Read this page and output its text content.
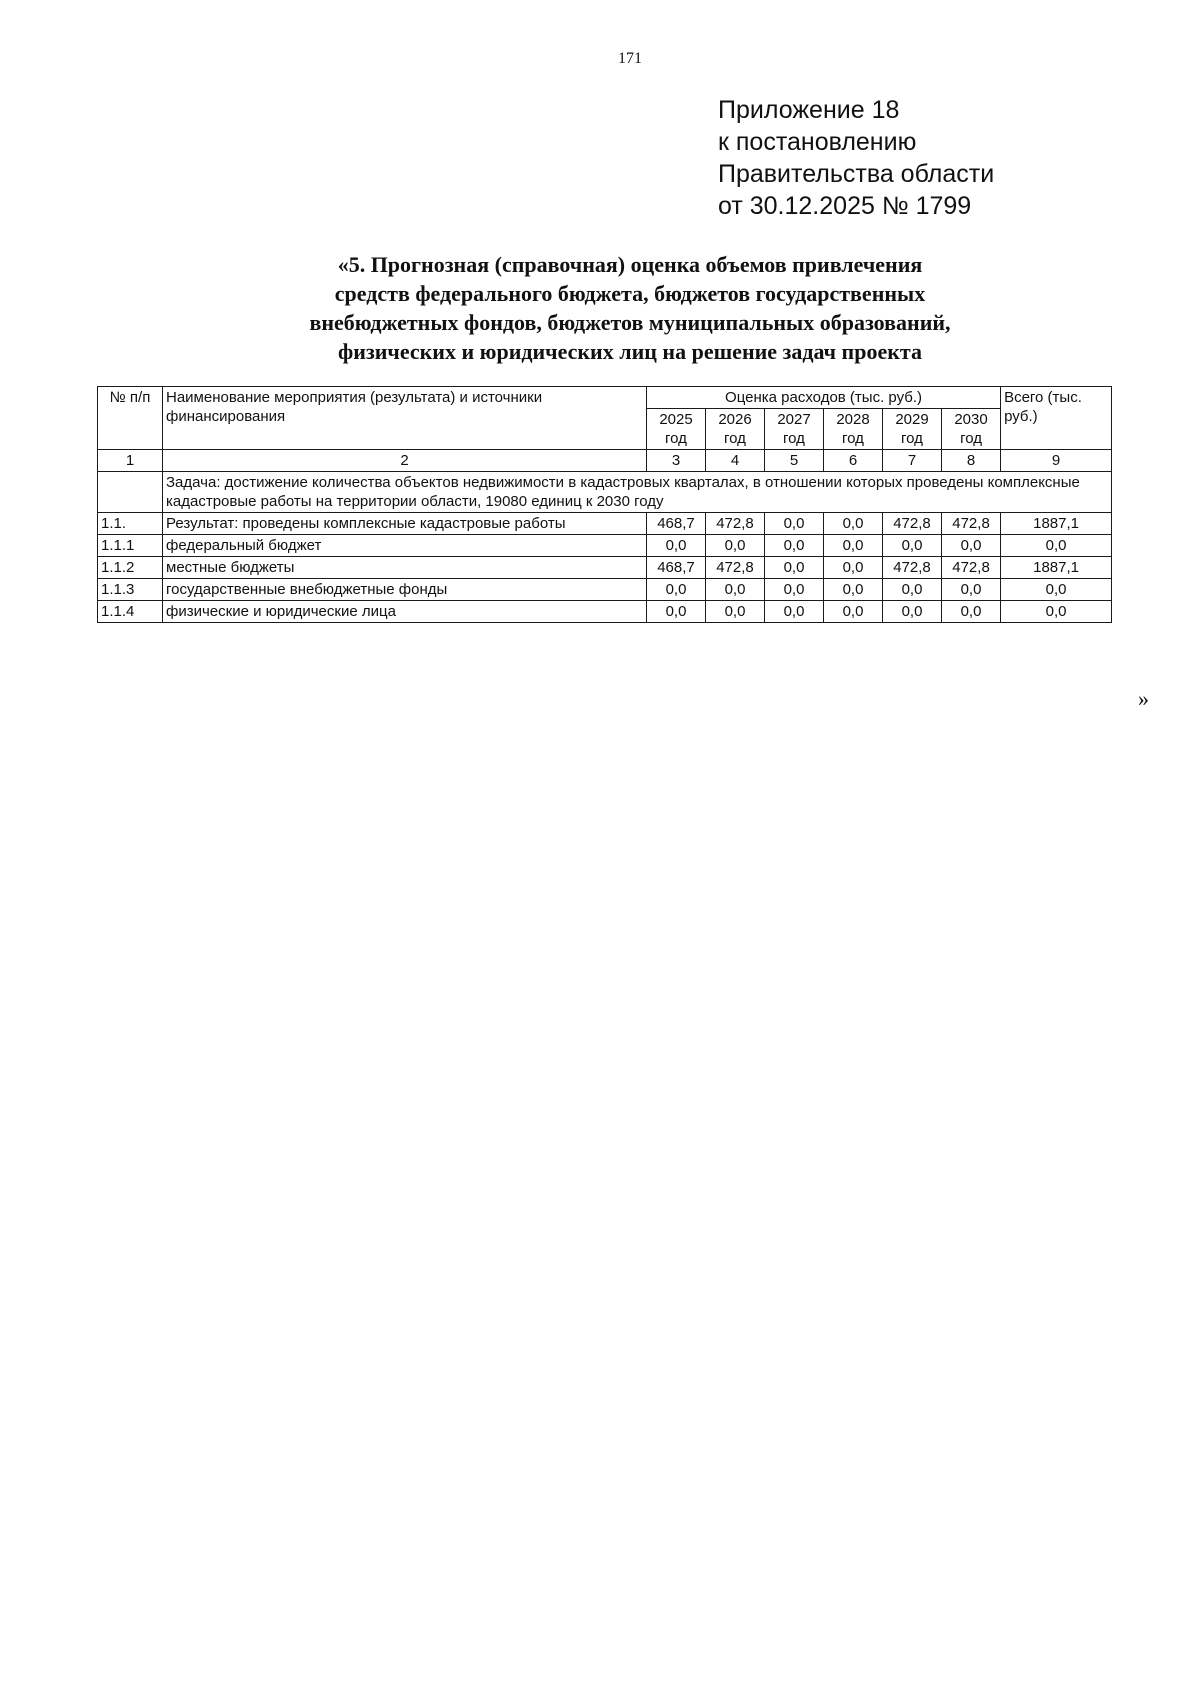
171
Приложение 18
к постановлению
Правительства области
от 30.12.2025 № 1799
«5. Прогнозная (справочная) оценка объемов привлечения
средств федерального бюджета, бюджетов государственных
внебюджетных фондов, бюджетов муниципальных образований,
физических и юридических лиц на решение задач проекта
№ п/п	Наименование мероприятия (результата) и источники финансирования	Оценка расходов (тыс. руб.)						Всего (тыс. руб.)
		2025	2026	2027	2028	2029	2030	
		год	год	год	год	год	год	
1	2	3	4	5	6	7	8	9
	Задача: достижение количества объектов недвижимости в кадастровых кварталах, в отношении которых проведены комплексные кадастровые работы на территории области, 19080 единиц к 2030 году							
1.1.	Результат: проведены комплексные кадастровые работы	468,7	472,8	0,0	0,0	472,8	472,8	1887,1
1.1.1	федеральный бюджет	0,0	0,0	0,0	0,0	0,0	0,0	0,0
1.1.2	местные бюджеты	468,7	472,8	0,0	0,0	472,8	472,8	1887,1
1.1.3	государственные внебюджетные фонды	0,0	0,0	0,0	0,0	0,0	0,0	0,0
1.1.4	физические и юридические лица	0,0	0,0	0,0	0,0	0,0	0,0	0,0
»
